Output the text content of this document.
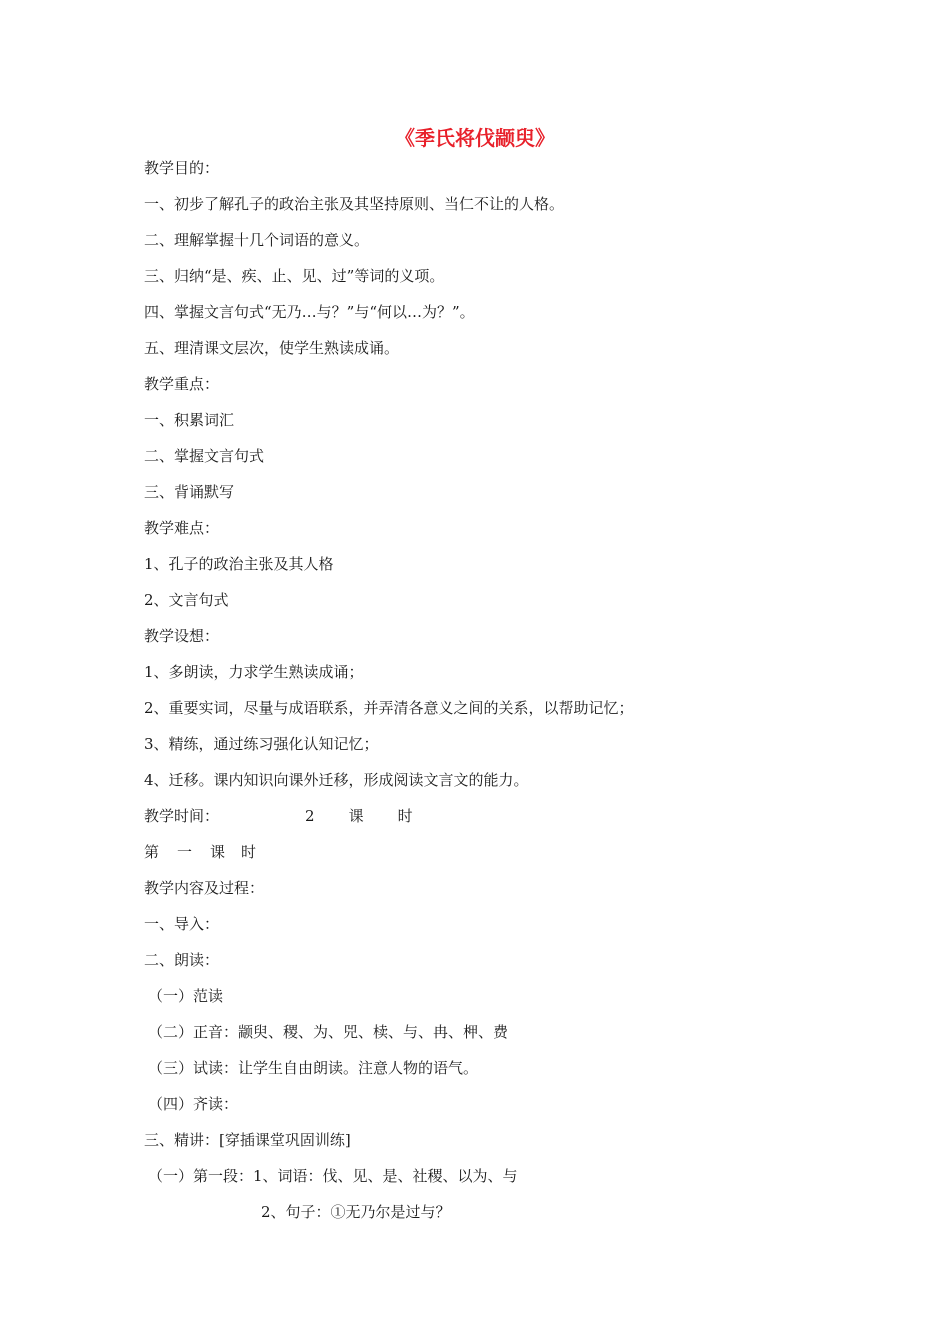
《季氏将伐颛臾》
教学目的：
一、初步了解孔子的政治主张及其坚持原则、当仁不让的人格。
二、理解掌握十几个词语的意义。
三、归纳“是、疾、止、见、过”等词的义项。
四、掌握文言句式“无乃…与？”与“何以…为？”。
五、理清课文层次，使学生熟读成诵。
教学重点：
一、积累词汇
二、掌握文言句式
三、背诵默写
教学难点：
1、孔子的政治主张及其人格
2、文言句式
教学设想：
1、多朗读，力求学生熟读成诵；
2、重要实词，尽量与成语联系，并弄清各意义之间的关系，以帮助记忆；
3、精练，通过练习强化认知记忆；
4、迁移。课内知识向课外迁移，形成阅读文言文的能力。
教学时间：	2 课 时
第 一 课 时
教学内容及过程：
一、导入：
二、朗读：
（一）范读
（二）正音：颛臾、稷、为、兕、椟、与、冉、柙、费
（三）试读：让学生自由朗读。注意人物的语气。
（四）齐读：
三、精讲：[穿插课堂巩固训练]
（一）第一段：1、词语：伐、见、是、社稷、以为、与
2、句子：①无乃尔是过与？
